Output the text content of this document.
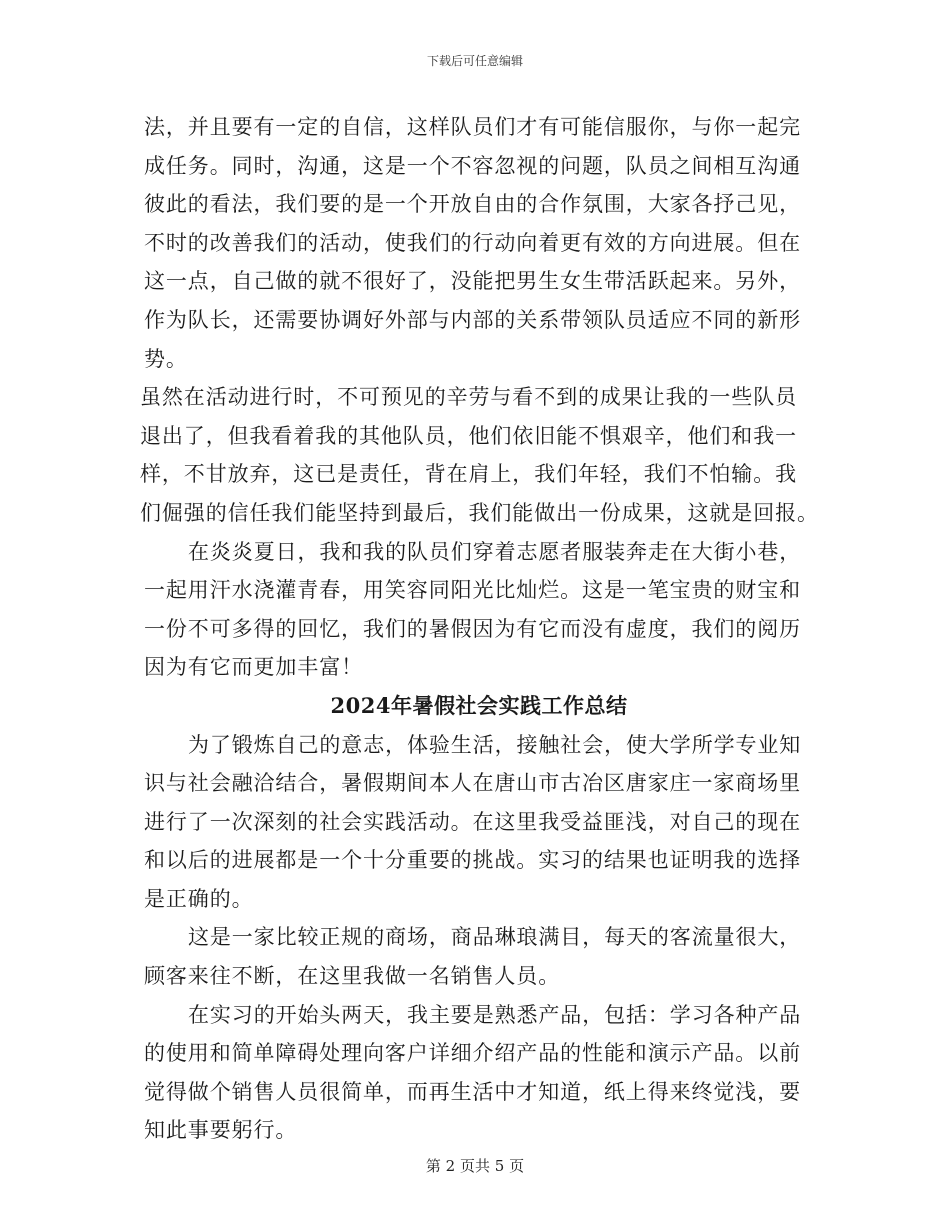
下载后可任意编辑

法，并且要有一定的自信，这样队员们才有可能信服你，与你一起完
成任务。同时，沟通，这是一个不容忽视的问题，队员之间相互沟通
彼此的看法，我们要的是一个开放自由的合作氛围，大家各抒己见，
不时的改善我们的活动，使我们的行动向着更有效的方向进展。但在
这一点，自己做的就不很好了，没能把男生女生带活跃起来。另外，
作为队长，还需要协调好外部与内部的关系带领队员适应不同的新形
势。

虽然在活动进行时，不可预见的辛劳与看不到的成果让我的一些队员
退出了，但我看着我的其他队员，他们依旧能不惧艰辛，他们和我一
样，不甘放弃，这已是责任，背在肩上，我们年轻，我们不怕输。我
们倔强的信任我们能坚持到最后，我们能做出一份成果，这就是回报。

在炎炎夏日，我和我的队员们穿着志愿者服装奔走在大街小巷，
一起用汗水浇灌青春，用笑容同阳光比灿烂。这是一笔宝贵的财宝和
一份不可多得的回忆，我们的暑假因为有它而没有虚度，我们的阅历
因为有它而更加丰富！

2024年暑假社会实践工作总结

为了锻炼自己的意志，体验生活，接触社会，使大学所学专业知
识与社会融洽结合，暑假期间本人在唐山市古冶区唐家庄一家商场里
进行了一次深刻的社会实践活动。在这里我受益匪浅，对自己的现在
和以后的进展都是一个十分重要的挑战。实习的结果也证明我的选择
是正确的。

这是一家比较正规的商场，商品琳琅满目，每天的客流量很大，
顾客来往不断，在这里我做一名销售人员。

在实习的开始头两天，我主要是熟悉产品，包括：学习各种产品
的使用和简单障碍处理向客户详细介绍产品的性能和演示产品。以前
觉得做个销售人员很简单，而再生活中才知道，纸上得来终觉浅，要
知此事要躬行。

第 2 页共 5 页
